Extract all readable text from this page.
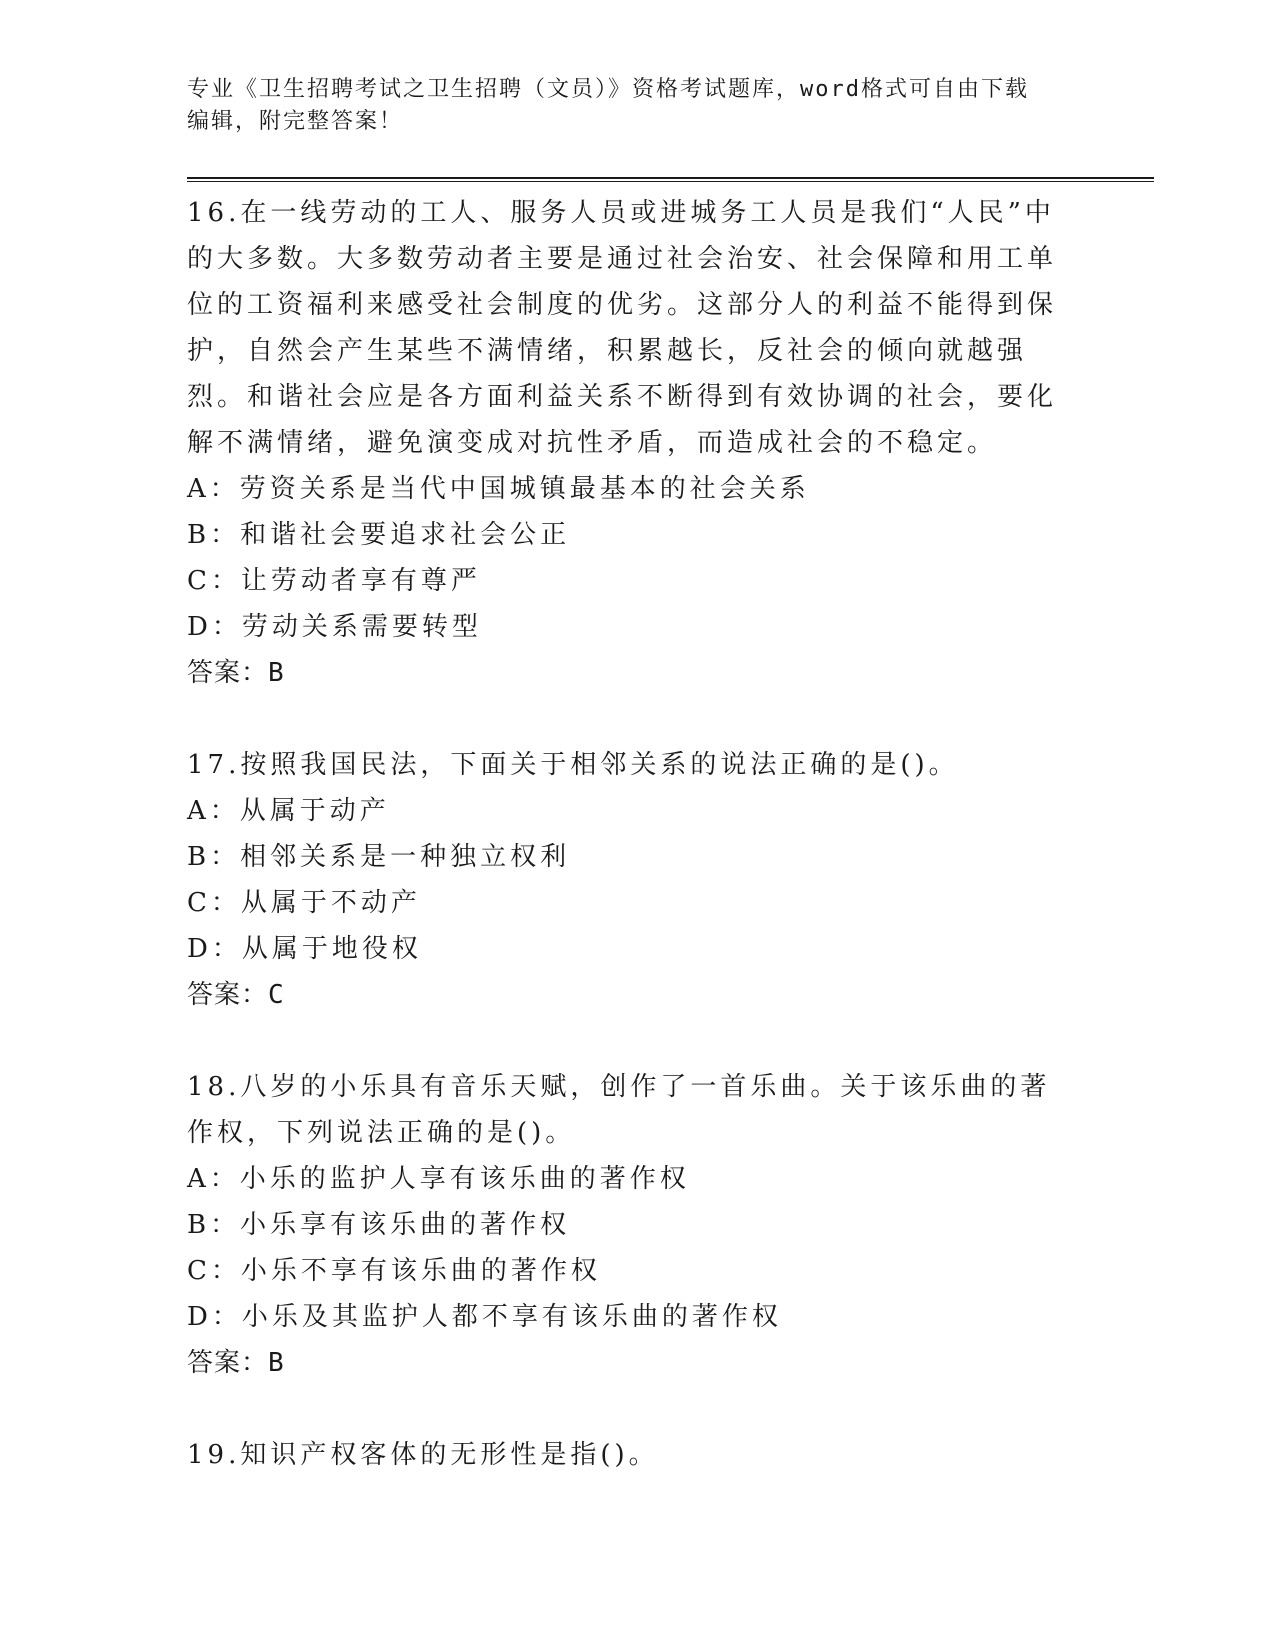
专业《卫生招聘考试之卫生招聘（文员）》资格考试题库，word格式可自由下载
编辑，附完整答案！

16.在一线劳动的工人、服务人员或进城务工人员是我们“人民”中的大多数。大多数劳动者主要是通过社会治安、社会保障和用工单位的工资福利来感受社会制度的优劣。这部分人的利益不能得到保护，自然会产生某些不满情绪，积累越长，反社会的倾向就越强烈。和谐社会应是各方面利益关系不断得到有效协调的社会，要化解不满情绪，避免演变成对抗性矛盾，而造成社会的不稳定。

A：劳资关系是当代中国城镇最基本的社会关系

B：和谐社会要追求社会公正

C：让劳动者享有尊严

D：劳动关系需要转型

答案：B

17.按照我国民法，下面关于相邻关系的说法正确的是()。

A：从属于动产

B：相邻关系是一种独立权利

C：从属于不动产

D：从属于地役权

答案：C

18.八岁的小乐具有音乐天赋，创作了一首乐曲。关于该乐曲的著作权，下列说法正确的是()。

A：小乐的监护人享有该乐曲的著作权

B：小乐享有该乐曲的著作权

C：小乐不享有该乐曲的著作权

D：小乐及其监护人都不享有该乐曲的著作权

答案：B

19.知识产权客体的无形性是指()。
